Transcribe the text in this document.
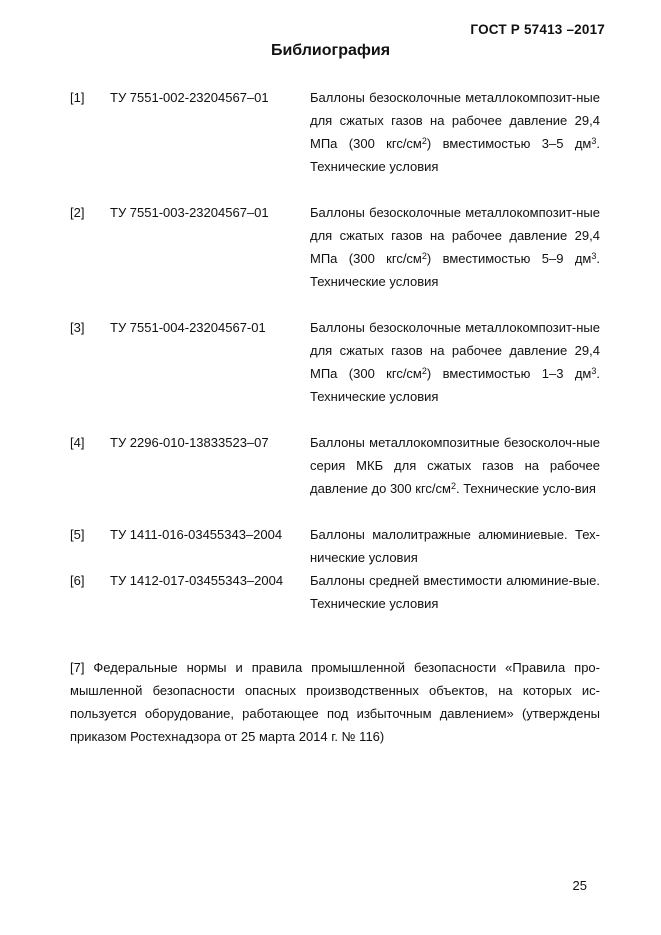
ГОСТ Р 57413 –2017
Библиография
[1]	ТУ 7551-002-23204567–01	Баллоны безосколочные металлокомпозит-ные для сжатых газов на рабочее давление 29,4 МПа (300 кгс/$см^2$) вместимостью 3–5 $дм^3$. Технические условия
[2]	ТУ 7551-003-23204567–01	Баллоны безосколочные металлокомпозит-ные для сжатых газов на рабочее давление 29,4 МПа (300 кгс/$см^2$) вместимостью 5–9 $дм^3$. Технические условия
[3]	ТУ 7551-004-23204567-01	Баллоны безосколочные металлокомпозит-ные для сжатых газов на рабочее давление 29,4 МПа (300 кгс/$см^2$) вместимостью 1–3 $дм^3$. Технические условия
[4]	ТУ 2296-010-13833523–07	Баллоны металлокомпозитные безосколоч-ные серия МКБ для сжатых газов на рабочее давление до 300 кгс/$см^2$. Технические усло-вия
[5]	ТУ 1411-016-03455343–2004	Баллоны малолитражные алюминиевые. Тех-нические условия
[6]	ТУ 1412-017-03455343–2004	Баллоны средней вместимости алюминие-вые. Технические условия
[7] Федеральные нормы и правила промышленной безопасности «Правила про-мышленной безопасности опасных производственных объектов, на которых ис-пользуется оборудование, работающее под избыточным давлением» (утверждены приказом Ростехнадзора от 25 марта 2014 г. № 116)
25
